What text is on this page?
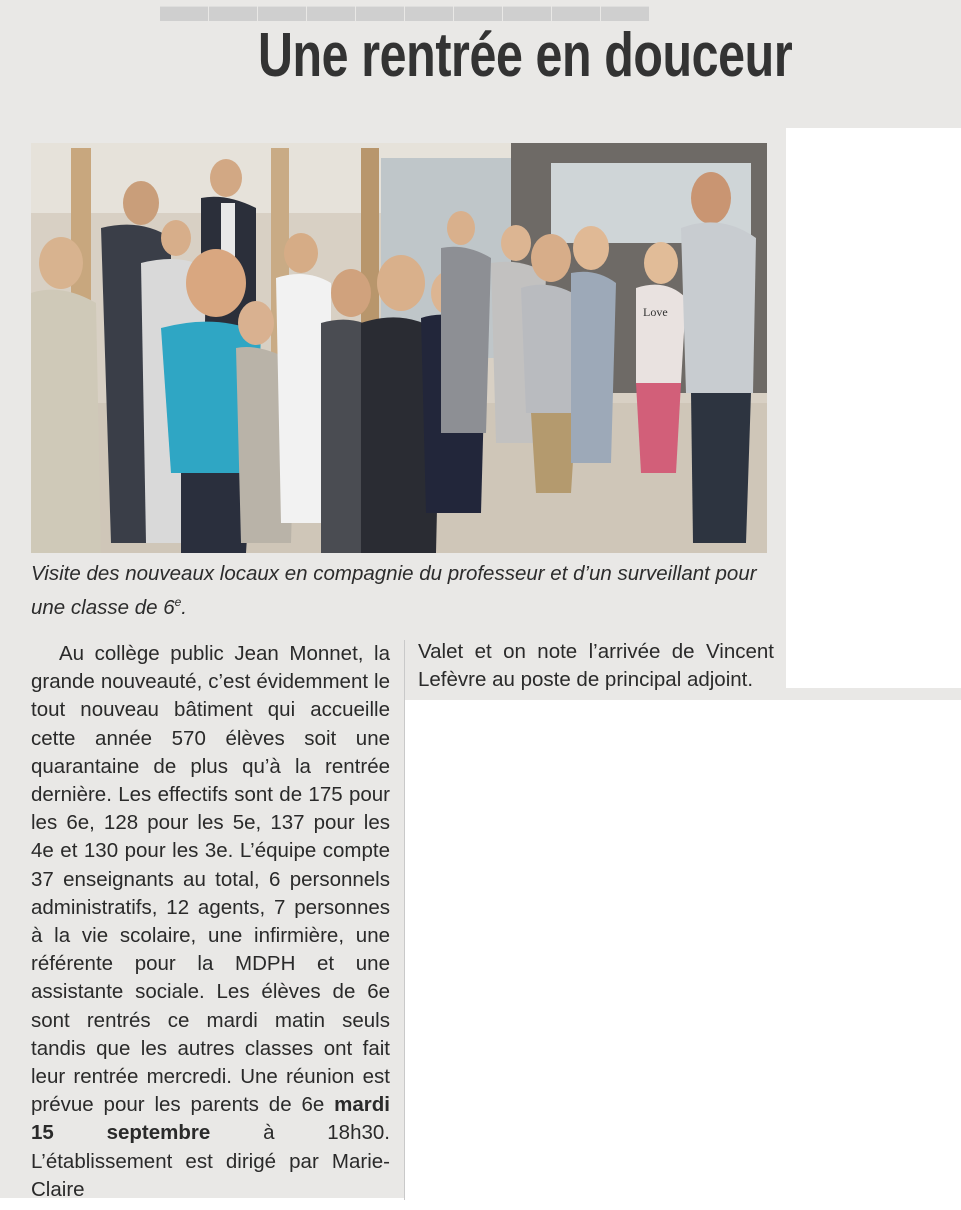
▬▬▬▬▬▬▬▬▬▬
Une rentrée en douceur
Love

Visite des nouveaux locaux en compagnie du professeur et d’un surveillant pour une classe de 6e.

Au collège public Jean Monnet, la grande nouveauté, c’est évidemment le tout nouveau bâtiment qui accueille cette année 570 élèves soit une quarantaine de plus qu’à la rentrée dernière. Les effectifs sont de 175 pour les 6e, 128 pour les 5e, 137 pour les 4e et 130 pour les 3e. L’équipe compte 37 enseignants au total, 6 personnels administratifs, 12 agents, 7 personnes à la vie scolaire, une infirmière, une référente pour la MDPH et une assistante sociale. Les élèves de 6e sont rentrés ce mardi matin seuls tandis que les autres classes ont fait leur rentrée mercredi. Une réunion est prévue pour les parents de 6e mardi 15 septembre	à 18h30. L’établissement est dirigé par Marie-Claire

Valet et on note l’arrivée de Vincent Lefèvre au poste de principal adjoint.
